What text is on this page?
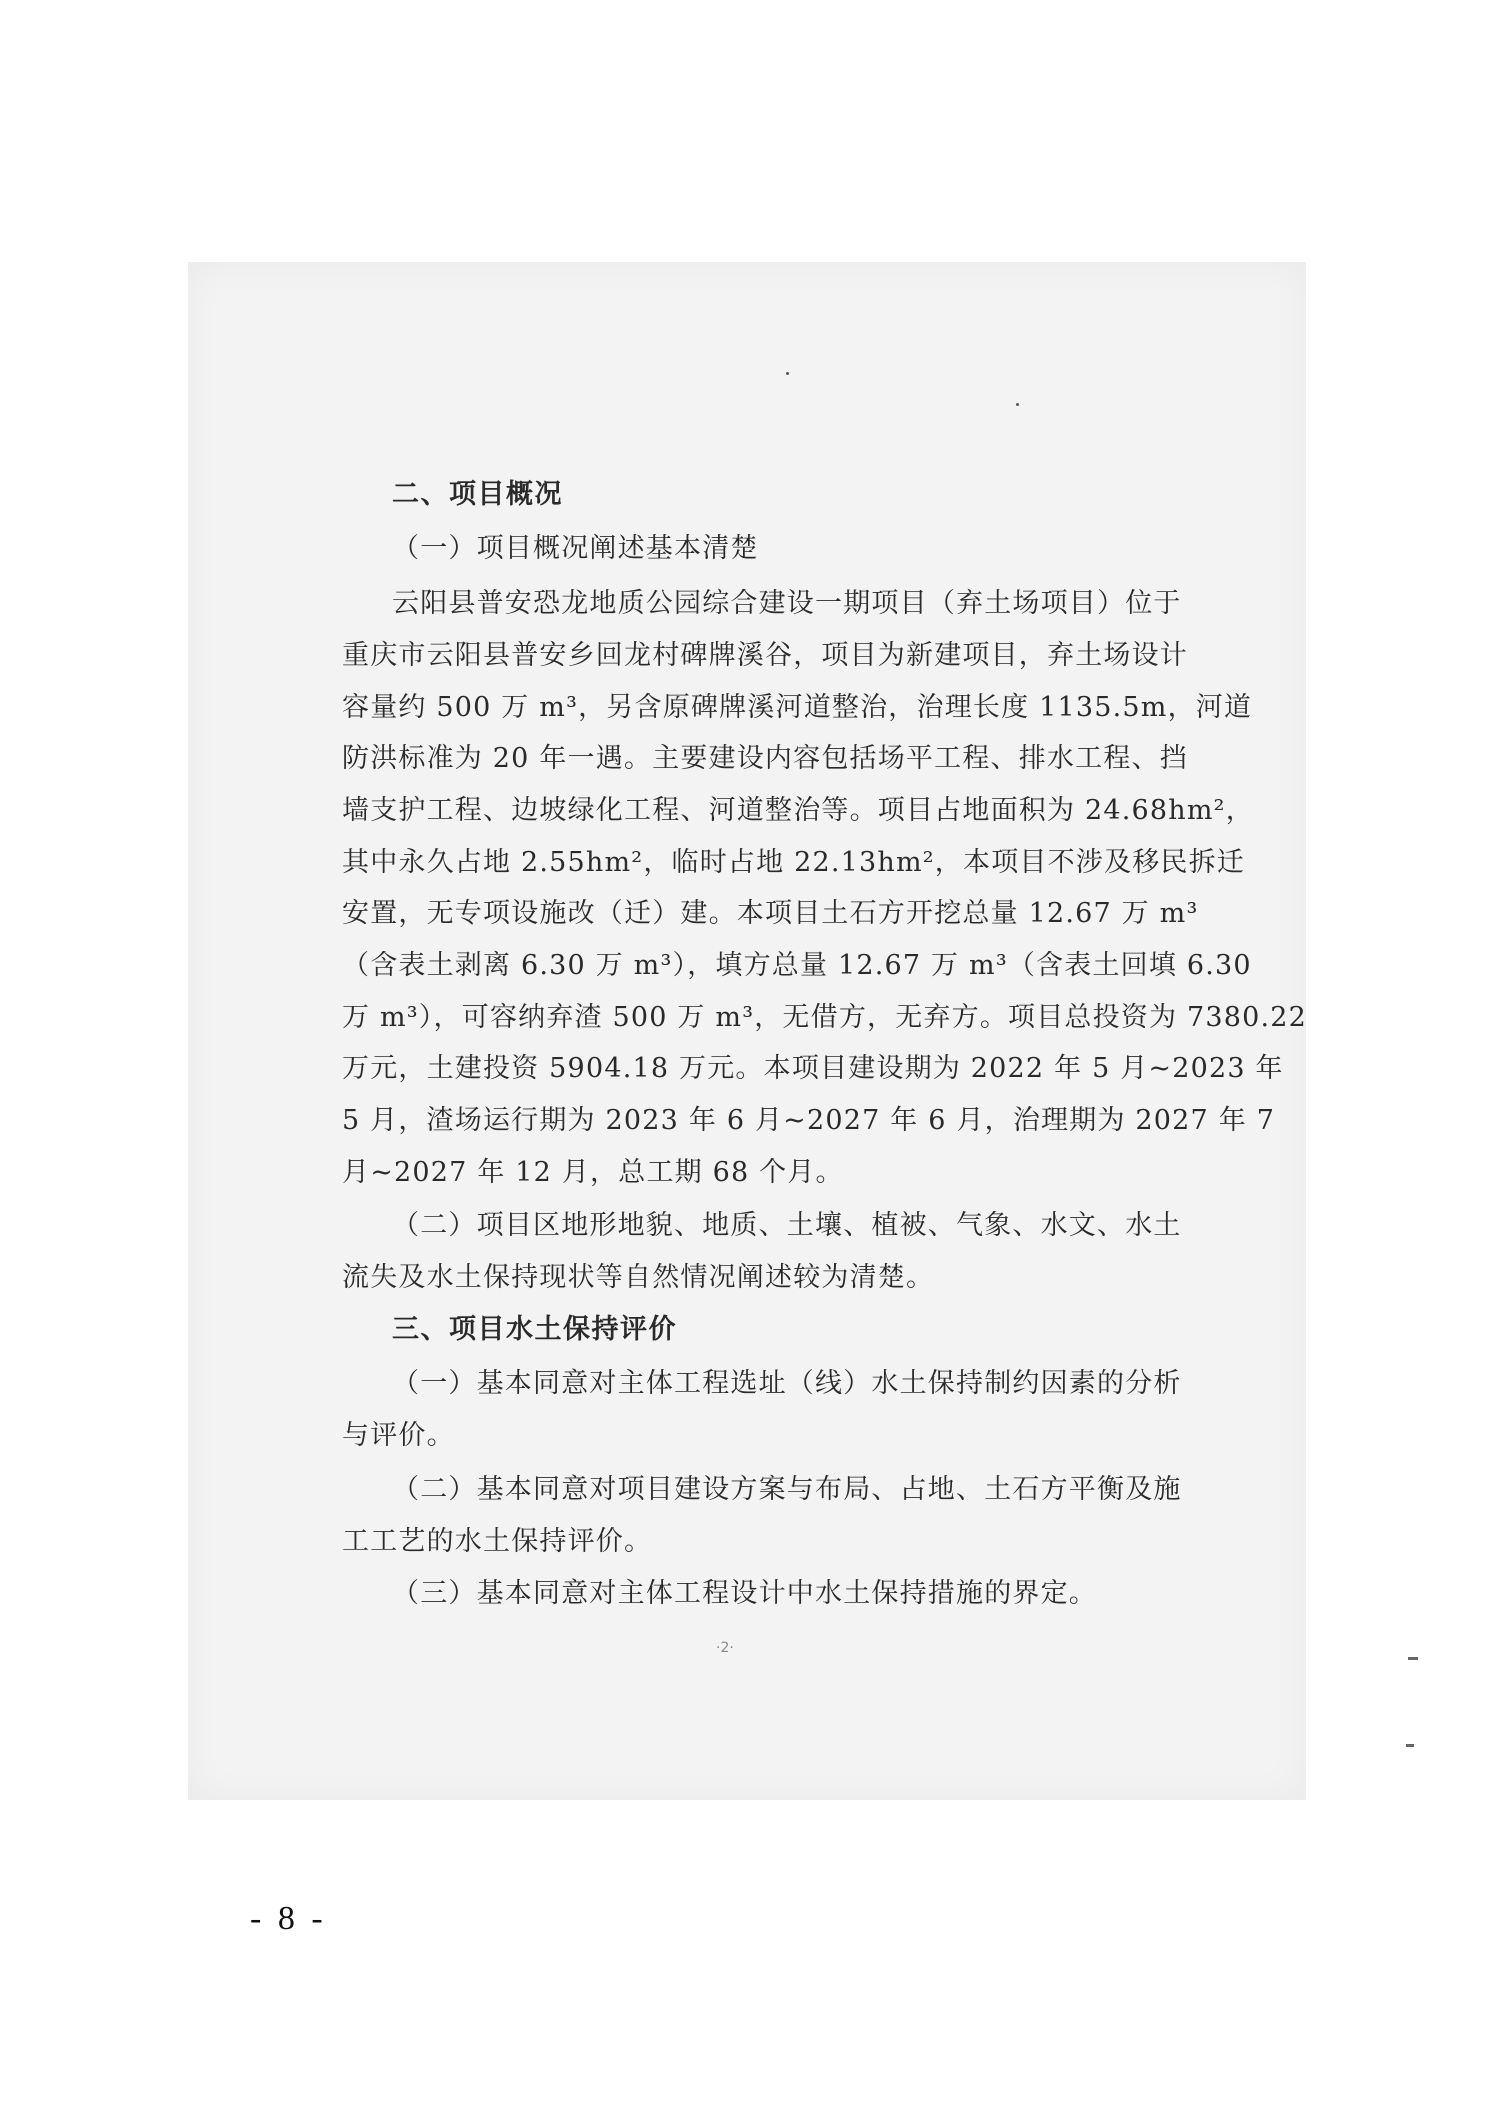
二、项目概况
（一）项目概况阐述基本清楚
云阳县普安恐龙地质公园综合建设一期项目（弃土场项目）位于
重庆市云阳县普安乡回龙村碑牌溪谷，项目为新建项目，弃土场设计
容量约 500 万 m³，另含原碑牌溪河道整治，治理长度 1135.5m，河道
防洪标准为 20 年一遇。主要建设内容包括场平工程、排水工程、挡
墙支护工程、边坡绿化工程、河道整治等。项目占地面积为 24.68hm²，
其中永久占地 2.55hm²，临时占地 22.13hm²，本项目不涉及移民拆迁
安置，无专项设施改（迁）建。本项目土石方开挖总量 12.67 万 m³
（含表土剥离 6.30 万 m³），填方总量 12.67 万 m³（含表土回填 6.30
万 m³），可容纳弃渣 500 万 m³，无借方，无弃方。项目总投资为 7380.22
万元，土建投资 5904.18 万元。本项目建设期为 2022 年 5 月~2023 年
5 月，渣场运行期为 2023 年 6 月~2027 年 6 月，治理期为 2027 年 7
月~2027 年 12 月，总工期 68 个月。
（二）项目区地形地貌、地质、土壤、植被、气象、水文、水土
流失及水土保持现状等自然情况阐述较为清楚。
三、项目水土保持评价
（一）基本同意对主体工程选址（线）水土保持制约因素的分析
与评价。
（二）基本同意对项目建设方案与布局、占地、土石方平衡及施
工工艺的水土保持评价。
（三）基本同意对主体工程设计中水土保持措施的界定。
·2·
- 8 -
